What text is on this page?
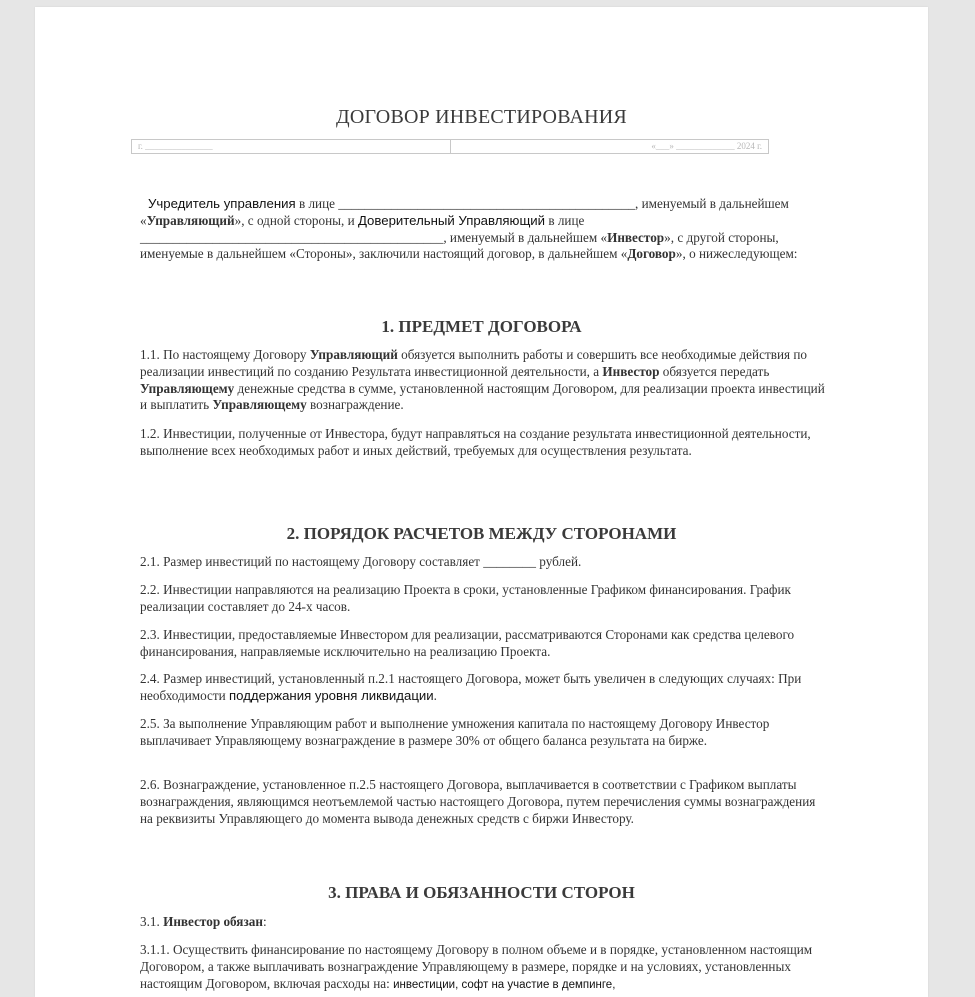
ДОГОВОР ИНВЕСТИРОВАНИЯ
г. _______________	«___» _____________ 2024 г.

Учредитель управления в лице _____________________________________________, именуемый в дальнейшем «Управляющий», с одной стороны, и Доверительный Управляющий в лице ______________________________________________, именуемый в дальнейшем «Инвестор», с другой стороны, именуемые в дальнейшем «Стороны», заключили настоящий договор, в дальнейшем «Договор», о нижеследующем:

1. ПРЕДМЕТ ДОГОВОРА

1.1. По настоящему Договору Управляющий обязуется выполнить работы и совершить все необходимые действия по реализации инвестиций по созданию Результата инвестиционной деятельности, а Инвестор обязуется передать Управляющему денежные средства в сумме, установленной настоящим Договором, для реализации проекта инвестиций и выплатить Управляющему вознаграждение.

1.2. Инвестиции, полученные от Инвестора, будут направляться на создание результата инвестиционной деятельности, выполнение всех необходимых работ и иных действий, требуемых для осуществления результата.

2. ПОРЯДОК РАСЧЕТОВ МЕЖДУ СТОРОНАМИ

2.1. Размер инвестиций по настоящему Договору составляет ________ рублей.

2.2. Инвестиции направляются на реализацию Проекта в сроки, установленные Графиком финансирования. График реализации составляет до 24-х часов.

2.3. Инвестиции, предоставляемые Инвестором для реализации, рассматриваются Сторонами как средства целевого финансирования, направляемые исключительно на реализацию Проекта.

2.4. Размер инвестиций, установленный п.2.1 настоящего Договора, может быть увеличен в следующих случаях: При необходимости поддержания уровня ликвидации.

2.5. За выполнение Управляющим работ и выполнение умножения капитала по настоящему Договору Инвестор выплачивает Управляющему вознаграждение в размере 30% от общего баланса результата на бирже.

2.6. Вознаграждение, установленное п.2.5 настоящего Договора, выплачивается в соответствии с Графиком выплаты вознаграждения, являющимся неотъемлемой частью настоящего Договора, путем перечисления суммы вознаграждения на реквизиты Управляющего до момента вывода денежных средств с биржи Инвестору.

3. ПРАВА И ОБЯЗАННОСТИ СТОРОН

3.1. Инвестор обязан:

3.1.1. Осуществить финансирование по настоящему Договору в полном объеме и в порядке, установленном настоящим Договором, а также выплачивать вознаграждение Управляющему в размере, порядке и на условиях, установленных настоящим Договором, включая расходы на: инвестиции, софт на участие в демпинге,
